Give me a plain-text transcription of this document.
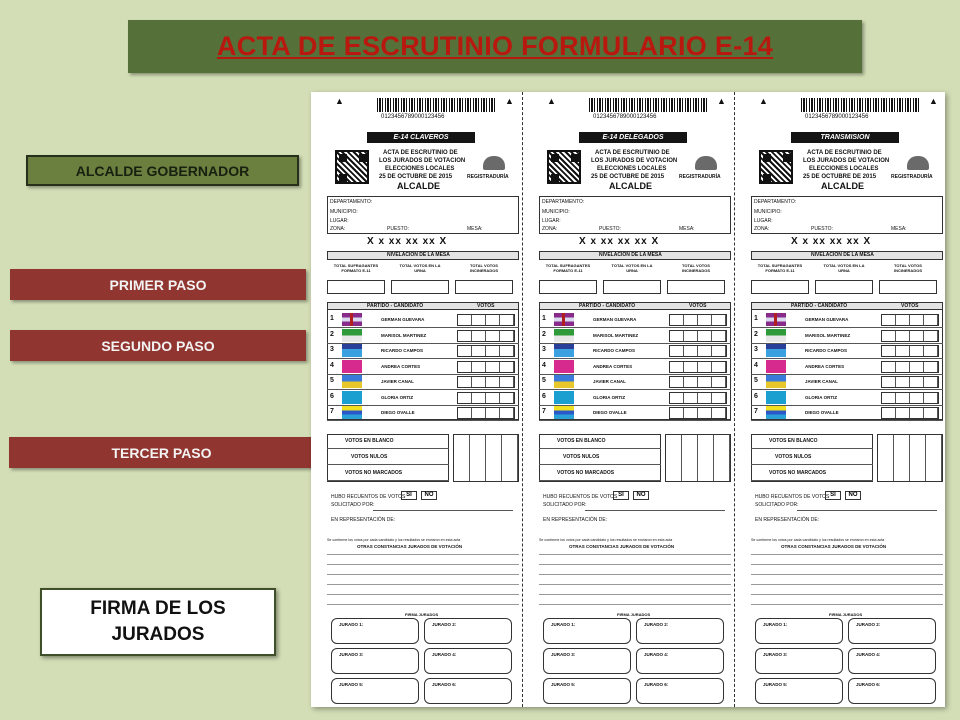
ACTA DE ESCRUTINIO FORMULARIO E-14
ALCALDE GOBERNADOR
PRIMER PASO
SEGUNDO PASO
TERCER PASO
FIRMA DE LOS JURADOS
▲	▲
0123456789000123456
E-14 CLAVEROS
ACTA DE ESCRUTINIO DE
LOS JURADOS DE VOTACION
ELECCIONES LOCALES
25 DE OCTUBRE DE 2015
ALCALDE
REGISTRADURÍA
DEPARTAMENTO:
MUNICIPIO:
LUGAR:
ZONA:	PUESTO:	MESA:
X x xx xx xx X
NIVELACION DE LA MESA
TOTAL SUFRAGANTES FORMATO E-11
TOTAL VOTOS EN LA URNA
TOTAL VOTOS INCINERADOS
PARTIDO - CANDIDATO	VOTOS
1	GERMAN GUEVARA
2	MARISOL MARTINEZ
3	RICARDO CAMPOS
4	ANDREA CORTES
5	JAVIER CANAL
6	GLORIA ORTIZ
7	DIEGO OVALLE
VOTOS EN BLANCO
VOTOS NULOS
VOTOS NO MARCADOS
HUBO RECUENTOS DE VOTOS
SOLICITADO POR:
SI	NO
EN REPRESENTACIÓN DE:
Se conforme los votos por cada candidato y los resultados se enviaron en esta acta
OTRAS CONSTANCIAS JURADOS DE VOTACIÓN
FIRMA JURADOS
JURADO 1:	JURADO 2:
JURADO 3:	JURADO 4:
JURADO 5:	JURADO 6:
▲	▲
0123456789000123456
E-14 DELEGADOS
ACTA DE ESCRUTINIO DE
LOS JURADOS DE VOTACION
ELECCIONES LOCALES
25 DE OCTUBRE DE 2015
ALCALDE
REGISTRADURÍA
DEPARTAMENTO:
MUNICIPIO:
LUGAR:
ZONA:	PUESTO:	MESA:
X x xx xx xx X
NIVELACION DE LA MESA
TOTAL SUFRAGANTES FORMATO E-11
TOTAL VOTOS EN LA URNA
TOTAL VOTOS INCINERADOS
PARTIDO - CANDIDATO	VOTOS
1	GERMAN GUEVARA
2	MARISOL MARTINEZ
3	RICARDO CAMPOS
4	ANDREA CORTES
5	JAVIER CANAL
6	GLORIA ORTIZ
7	DIEGO OVALLE
VOTOS EN BLANCO
VOTOS NULOS
VOTOS NO MARCADOS
HUBO RECUENTOS DE VOTOS
SOLICITADO POR:
SI	NO
EN REPRESENTACIÓN DE:
Se conforme los votos por cada candidato y los resultados se enviaron en esta acta
OTRAS CONSTANCIAS JURADOS DE VOTACIÓN
FIRMA JURADOS
JURADO 1:	JURADO 2:
JURADO 3:	JURADO 4:
JURADO 5:	JURADO 6:
▲	▲
0123456789000123456
TRANSMISION
ACTA DE ESCRUTINIO DE
LOS JURADOS DE VOTACION
ELECCIONES LOCALES
25 DE OCTUBRE DE 2015
ALCALDE
REGISTRADURÍA
DEPARTAMENTO:
MUNICIPIO:
LUGAR:
ZONA:	PUESTO:	MESA:
X x xx xx xx X
NIVELACION DE LA MESA
TOTAL SUFRAGANTES FORMATO E-11
TOTAL VOTOS EN LA URNA
TOTAL VOTOS INCINERADOS
PARTIDO - CANDIDATO	VOTOS
1	GERMAN GUEVARA
2	MARISOL MARTINEZ
3	RICARDO CAMPOS
4	ANDREA CORTES
5	JAVIER CANAL
6	GLORIA ORTIZ
7	DIEGO OVALLE
VOTOS EN BLANCO
VOTOS NULOS
VOTOS NO MARCADOS
HUBO RECUENTOS DE VOTOS
SOLICITADO POR:
SI	NO
EN REPRESENTACIÓN DE:
Se conforme los votos por cada candidato y los resultados se enviaron en esta acta
OTRAS CONSTANCIAS JURADOS DE VOTACIÓN
FIRMA JURADOS
JURADO 1:	JURADO 2:
JURADO 3:	JURADO 4:
JURADO 5:	JURADO 6:
